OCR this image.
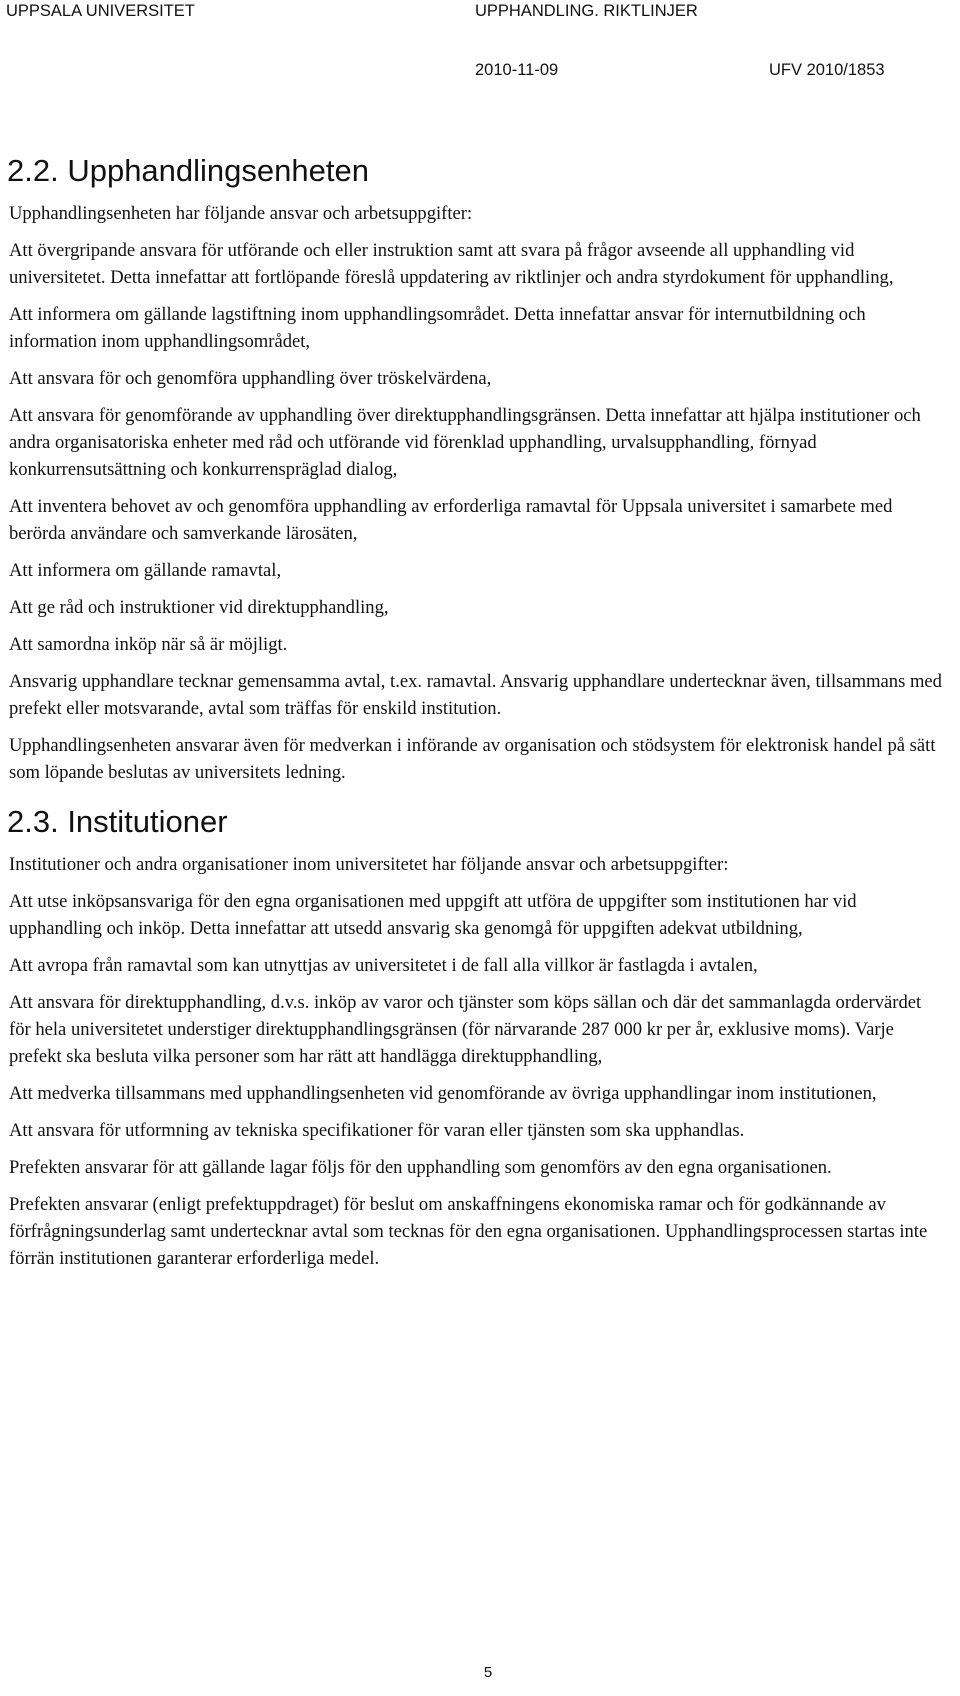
UPPSALA UNIVERSITET	UPPHANDLING. RIKTLINJER
2010-11-09	UFV 2010/1853
2.2. Upphandlingsenheten

Upphandlingsenheten har följande ansvar och arbetsuppgifter:

Att övergripande ansvara för utförande och eller instruktion samt att svara på frågor avseende all upphandling vid universitetet. Detta innefattar att fortlöpande föreslå uppdatering av riktlinjer och andra styrdokument för upphandling,

Att informera om gällande lagstiftning inom upphandlingsområdet. Detta innefattar ansvar för internutbildning och information inom upphandlingsområdet,

Att ansvara för och genomföra upphandling över tröskelvärdena,

Att ansvara för genomförande av upphandling över direktupphandlingsgränsen. Detta innefattar att hjälpa institutioner och andra organisatoriska enheter med råd och utförande vid förenklad upphandling, urvalsupphandling, förnyad konkurrensutsättning och konkurrenspräglad dialog,

Att inventera behovet av och genomföra upphandling av erforderliga ramavtal för Uppsala universitet i samarbete med berörda användare och samverkande lärosäten,

Att informera om gällande ramavtal,

Att ge råd och instruktioner vid direktupphandling,

Att samordna inköp när så är möjligt.

Ansvarig upphandlare tecknar gemensamma avtal, t.ex. ramavtal. Ansvarig upphandlare undertecknar även, tillsammans med prefekt eller motsvarande, avtal som träffas för enskild institution.

Upphandlingsenheten ansvarar även för medverkan i införande av organisation och stödsystem för elektronisk handel på sätt som löpande beslutas av universitets ledning.

2.3. Institutioner

Institutioner och andra organisationer inom universitetet har följande ansvar och arbetsuppgifter:

Att utse inköpsansvariga för den egna organisationen med uppgift att utföra de uppgifter som institutionen har vid upphandling och inköp. Detta innefattar att utsedd ansvarig ska genomgå för uppgiften adekvat utbildning,

Att avropa från ramavtal som kan utnyttjas av universitetet i de fall alla villkor är fastlagda i avtalen,

Att ansvara för direktupphandling, d.v.s. inköp av varor och tjänster som köps sällan och där det sammanlagda ordervärdet för hela universitetet understiger direktupphandlingsgränsen (för närvarande 287 000 kr per år, exklusive moms). Varje prefekt ska besluta vilka personer som har rätt att handlägga direktupphandling,

Att medverka tillsammans med upphandlingsenheten vid genomförande av övriga upphandlingar inom institutionen,

Att ansvara för utformning av tekniska specifikationer för varan eller tjänsten som ska upphandlas.

Prefekten ansvarar för att gällande lagar följs för den upphandling som genomförs av den egna organisationen.

Prefekten ansvarar (enligt prefektuppdraget) för beslut om anskaffningens ekonomiska ramar och för godkännande av förfrågningsunderlag samt undertecknar avtal som tecknas för den egna organisationen. Upphandlingsprocessen startas inte förrän institutionen garanterar erforderliga medel.

5
